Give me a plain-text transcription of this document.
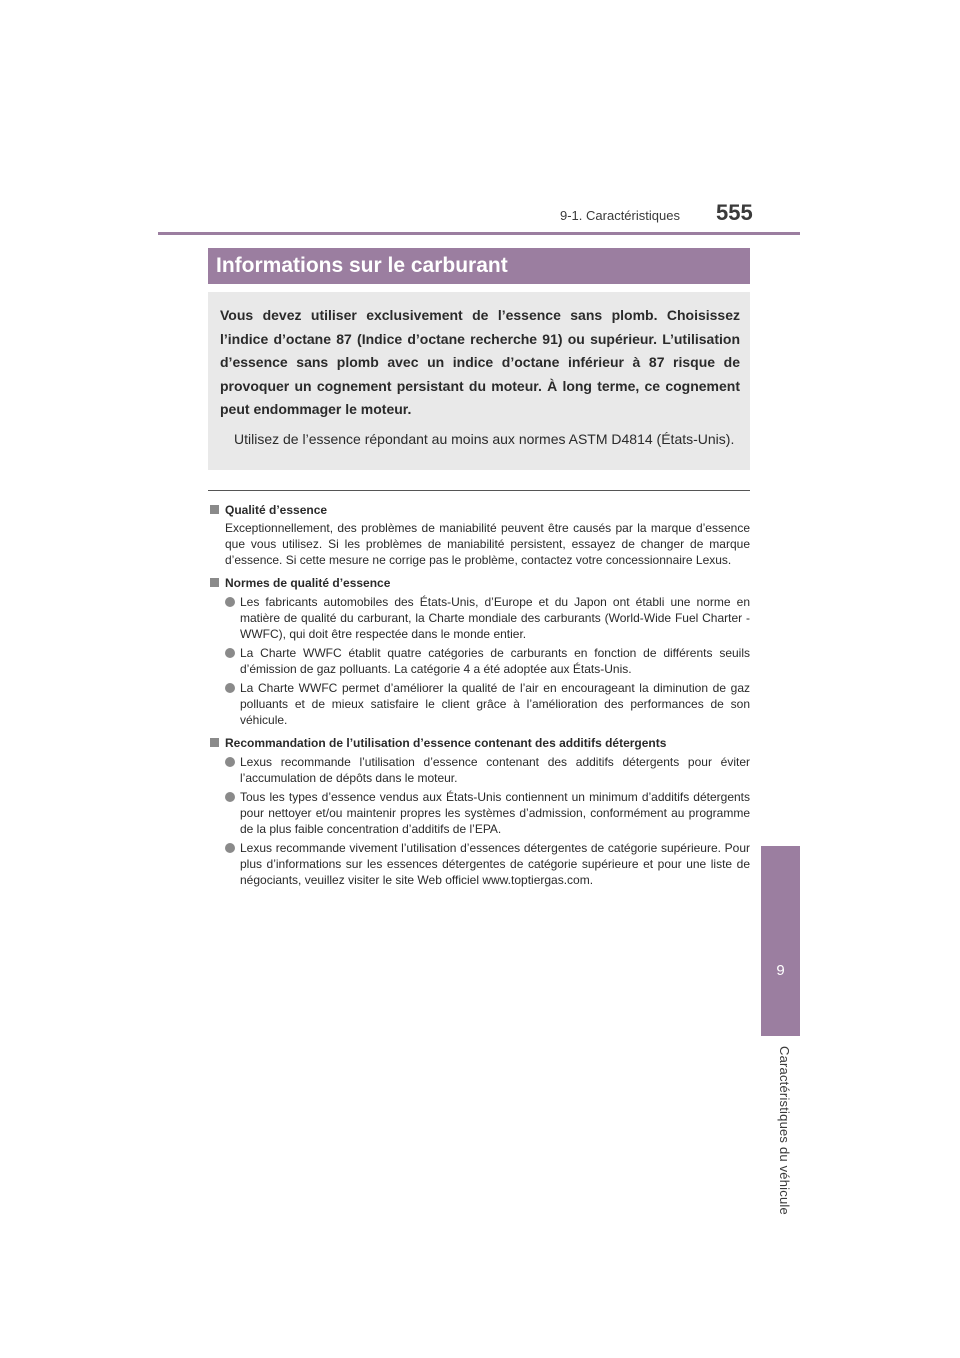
9-1. Caractéristiques	555
9
Caractéristiques du véhicule
Informations sur le carburant

Vous devez utiliser exclusivement de l’essence sans plomb. Choisissez l’indice d’octane 87 (Indice d’octane recherche 91) ou supérieur. L’utilisation d’essence sans plomb avec un indice d’octane inférieur à 87 risque de provoquer un cognement persistant du moteur. À long terme, ce cognement peut endommager le moteur.

Utilisez de l’essence répondant au moins aux normes ASTM D4814 (États-Unis).

Qualité d’essence

Exceptionnellement, des problèmes de maniabilité peuvent être causés par la marque d’essence que vous utilisez. Si les problèmes de maniabilité persistent, essayez de changer de marque d’essence. Si cette mesure ne corrige pas le problème, contactez votre concessionnaire Lexus.

Normes de qualité d’essence

Les fabricants automobiles des États-Unis, d’Europe et du Japon ont établi une norme en matière de qualité du carburant, la Charte mondiale des carburants (World-Wide Fuel Charter - WWFC), qui doit être respectée dans le monde entier.
La Charte WWFC établit quatre catégories de carburants en fonction de différents seuils d’émission de gaz polluants. La catégorie 4 a été adoptée aux États-Unis.
La Charte WWFC permet d’améliorer la qualité de l’air en encourageant la diminution de gaz polluants et de mieux satisfaire le client grâce à l’amélioration des performances de son véhicule.

Recommandation de l’utilisation d’essence contenant des additifs détergents

Lexus recommande l’utilisation d’essence contenant des additifs détergents pour éviter l’accumulation de dépôts dans le moteur.
Tous les types d’essence vendus aux États-Unis contiennent un minimum d’additifs détergents pour nettoyer et/ou maintenir propres les systèmes d’admission, conformément au programme de la plus faible concentration d’additifs de l’EPA.
Lexus recommande vivement l’utilisation d’essences détergentes de catégorie supérieure. Pour plus d’informations sur les essences détergentes de catégorie supérieure et pour une liste de négociants, veuillez visiter le site Web officiel www.toptiergas.com.
